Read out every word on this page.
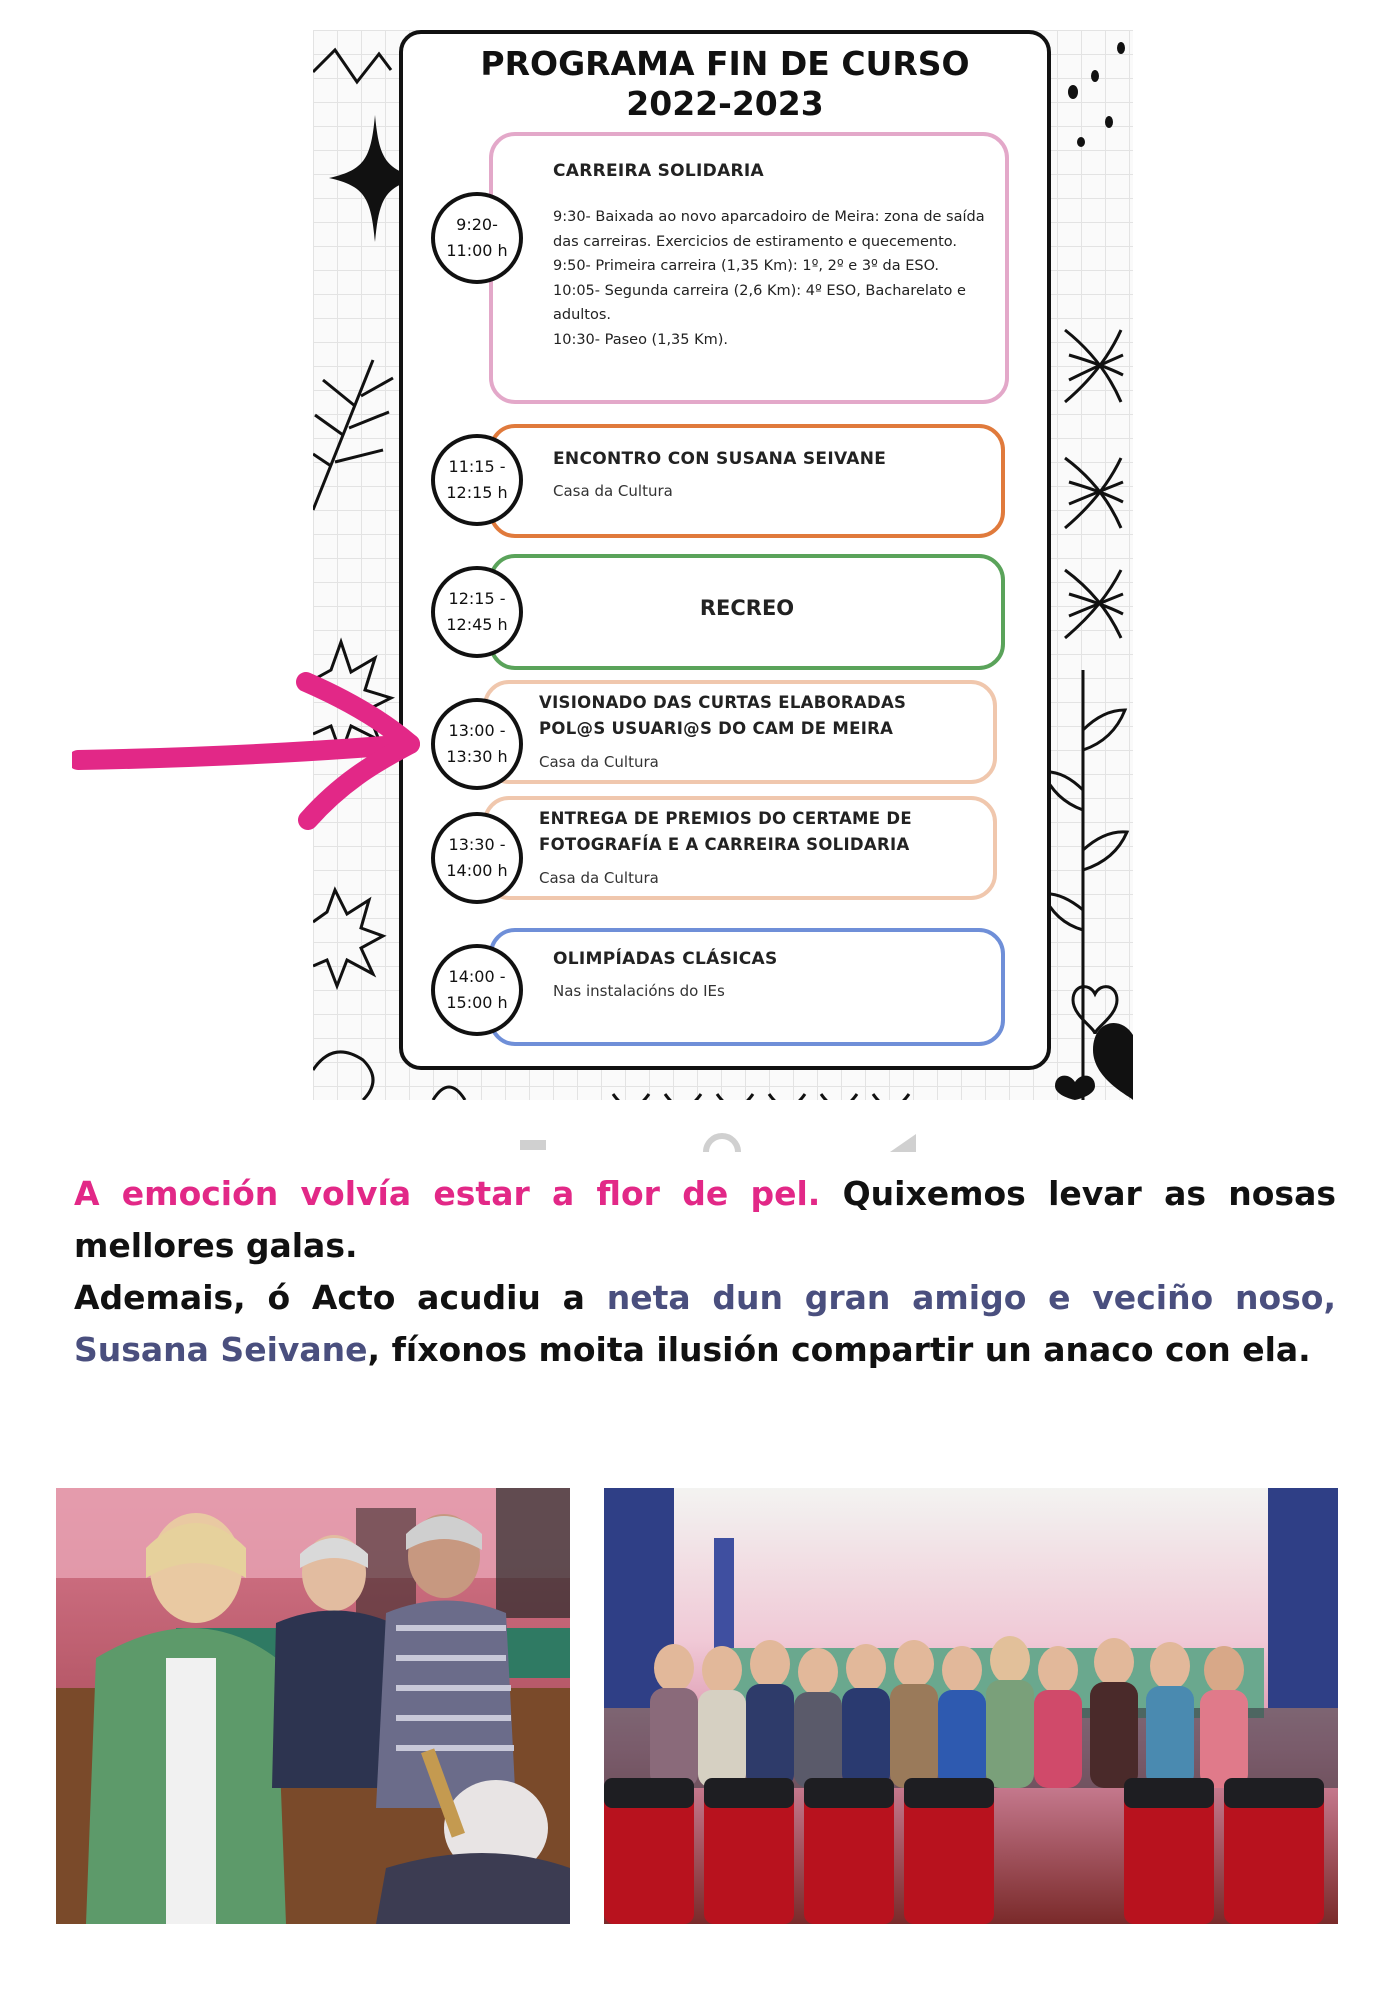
PROGRAMA FIN DE CURSO
2022-2023
CARREIRA SOLIDARIA
9:30- Baixada ao novo aparcadoiro de Meira: zona de saída das carreiras. Exercicios de estiramento e quecemento.
9:50- Primeira carreira (1,35 Km): 1º, 2º e 3º da ESO.
10:05- Segunda carreira (2,6 Km): 4º ESO, Bacharelato e adultos.
10:30- Paseo (1,35 Km).
9:20-
11:00 h
ENCONTRO CON SUSANA SEIVANE
Casa da Cultura
11:15 -
12:15 h
RECREO
12:15 -
12:45 h
VISIONADO DAS CURTAS ELABORADAS
POL@S USUARI@S DO CAM DE MEIRA
Casa da Cultura
13:00 -
13:30 h
ENTREGA DE PREMIOS DO CERTAME DE
FOTOGRAFÍA E A CARREIRA SOLIDARIA
Casa da Cultura
13:30 -
14:00 h
OLIMPÍADAS CLÁSICAS
Nas instalacións do IEs
14:00 -
15:00 h

A emoción volvía estar a flor de pel. Quixemos levar as nosas mellores galas.

Ademais, ó Acto acudiu a neta dun gran amigo e veciño noso, Susana Seivane, fíxonos moita ilusión compartir un anaco con ela.
